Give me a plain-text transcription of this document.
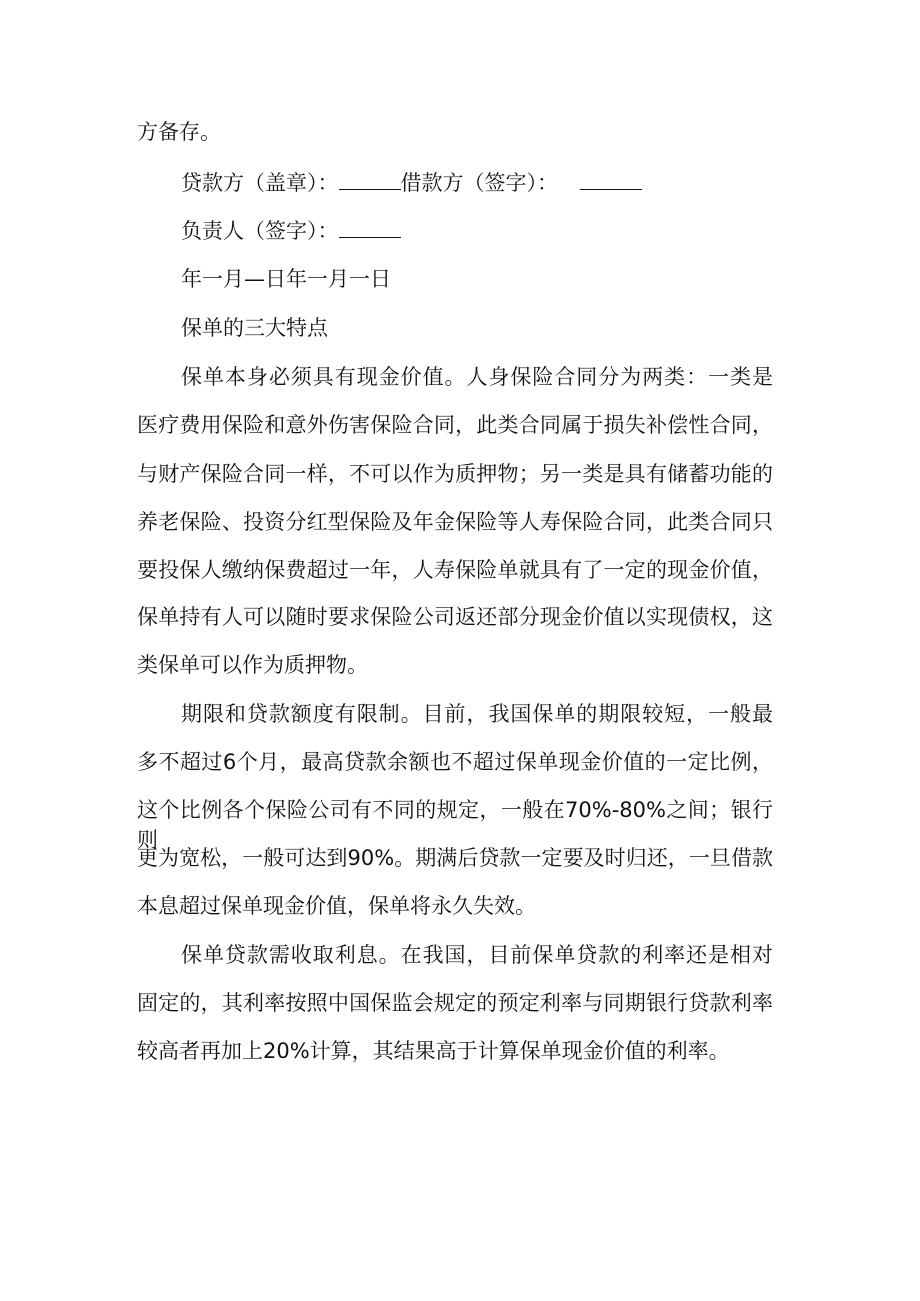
方备存。
贷款方（盖章）：	借款方（签字）：
负责人（签字）：
年一月—日年一月一日
保单的三大特点
保单本身必须具有现金价值。人身保险合同分为两类：一类是
医疗费用保险和意外伤害保险合同，此类合同属于损失补偿性合同，
与财产保险合同一样，不可以作为质押物；另一类是具有储蓄功能的
养老保险、投资分红型保险及年金保险等人寿保险合同，此类合同只
要投保人缴纳保费超过一年，人寿保险单就具有了一定的现金价值，
保单持有人可以随时要求保险公司返还部分现金价值以实现债权，这
类保单可以作为质押物。
期限和贷款额度有限制。目前，我国保单的期限较短，一般最
多不超过6个月，最高贷款余额也不超过保单现金价值的一定比例，
这个比例各个保险公司有不同的规定，一般在70%-80%之间；银行则
更为宽松，一般可达到90%。期满后贷款一定要及时归还，一旦借款
本息超过保单现金价值，保单将永久失效。
保单贷款需收取利息。在我国，目前保单贷款的利率还是相对
固定的，其利率按照中国保监会规定的预定利率与同期银行贷款利率
较高者再加上20%计算，其结果高于计算保单现金价值的利率。
